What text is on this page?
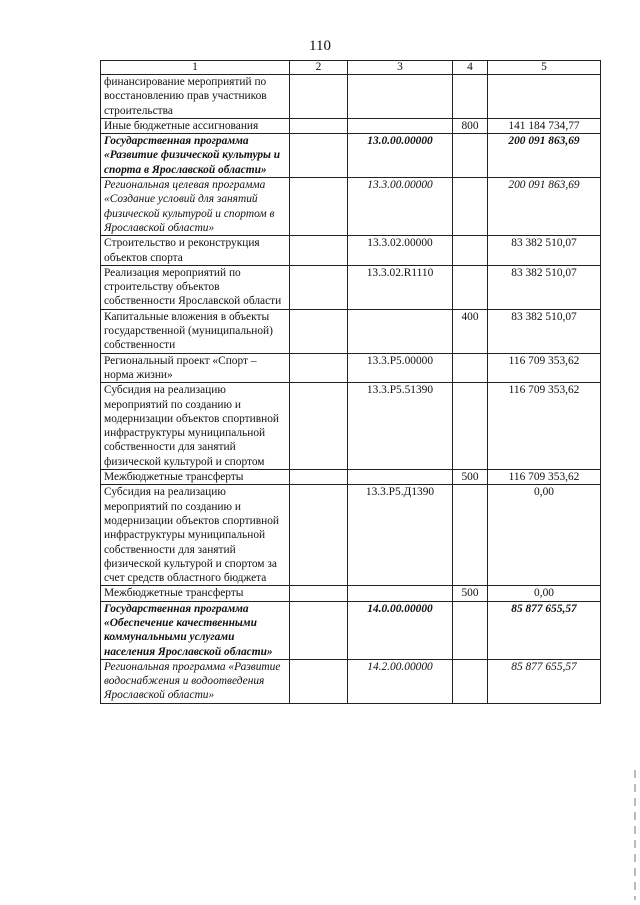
110
1	2	3	4	5
финансирование мероприятий по восстановлению прав участников строительства				
Иные бюджетные ассигнования			800	141 184 734,77
Государственная программа «Развитие физической культуры и спорта в Ярославской области»		13.0.00.00000		200 091 863,69
Региональная целевая программа «Создание условий для занятий физической культурой и спортом в Ярославской области»		13.3.00.00000		200 091 863,69
Строительство и реконструкция объектов спорта		13.3.02.00000		83 382 510,07
Реализация мероприятий по строительству объектов собственности Ярославской области		13.3.02.R1110		83 382 510,07
Капитальные вложения в объекты государственной (муниципальной) собственности			400	83 382 510,07
Региональный проект «Спорт – норма жизни»		13.3.P5.00000		116 709 353,62
Субсидия на реализацию мероприятий по созданию и модернизации объектов спортивной инфраструктуры муниципальной собственности для занятий физической культурой и спортом		13.3.P5.51390		116 709 353,62
Межбюджетные трансферты			500	116 709 353,62
Субсидия на реализацию мероприятий по созданию и модернизации объектов спортивной инфраструктуры муниципальной собственности для занятий физической культурой и спортом за счет средств областного бюджета		13.3.P5.Д1390		0,00
Межбюджетные трансферты			500	0,00
Государственная программа «Обеспечение качественными коммунальными услугами населения Ярославской области»		14.0.00.00000		85 877 655,57
Региональная программа «Развитие водоснабжения и водоотведения Ярославской области»		14.2.00.00000		85 877 655,57
